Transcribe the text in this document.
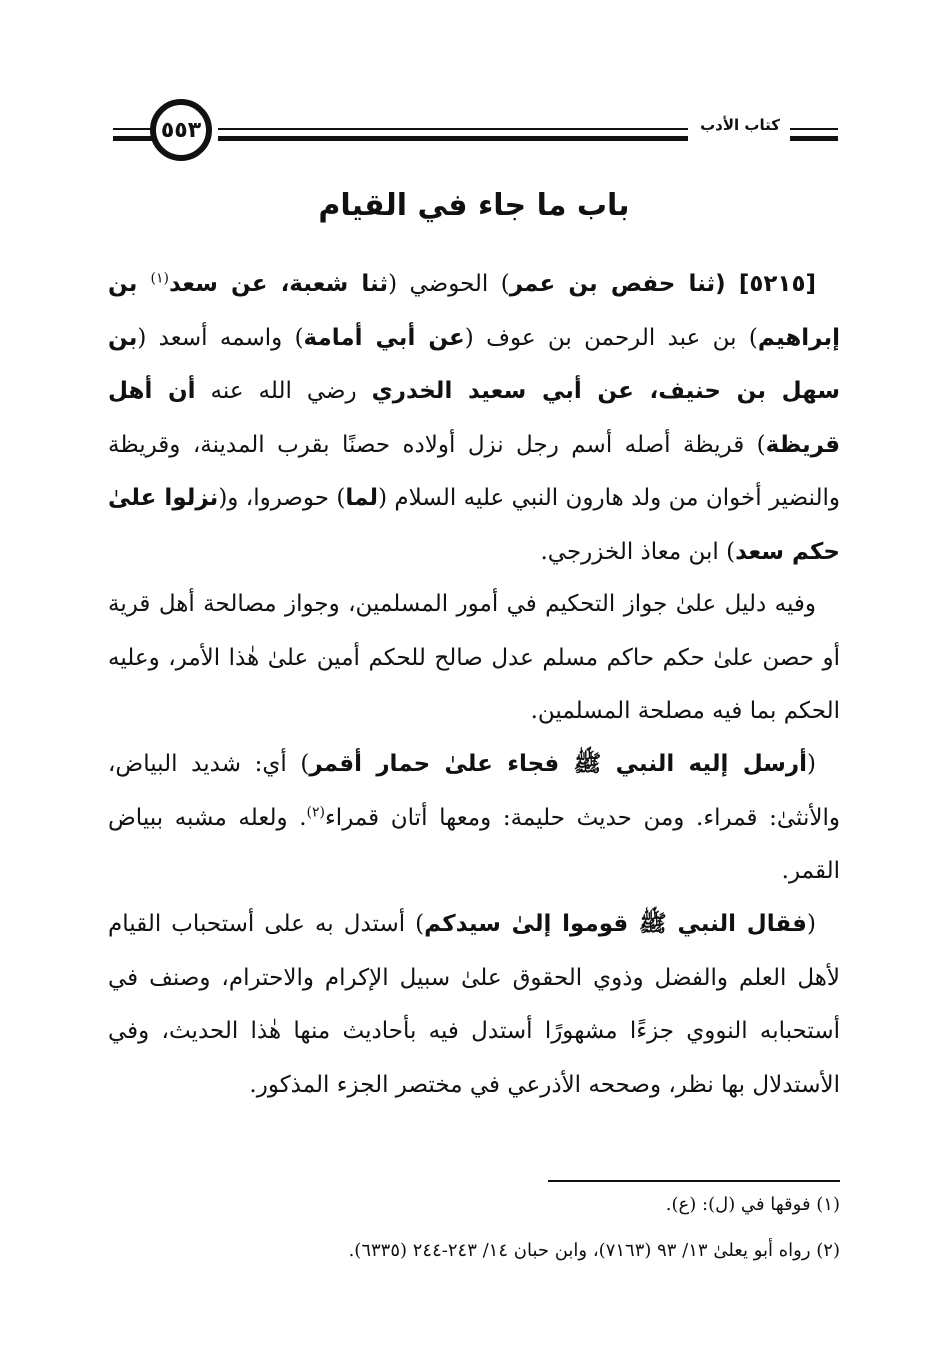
٥٥٣	كتاب الأدب
باب ما جاء في القيام
[٥٢١٥] (ثنا حفص بن عمر) الحوضي (ثنا شعبة، عن سعد$^{(١)}$ بن إبراهيم) بن عبد الرحمن بن عوف (عن أبي أمامة) واسمه أسعد (بن سهل بن حنيف، عن أبي سعيد الخدري رضي الله عنه أن أهل قريظة) قريظة أصله أسم رجل نزل أولاده حصنًا بقرب المدينة، وقريظة والنضير أخوان من ولد هارون النبي عليه السلام (لما) حوصروا، و(نزلوا علىٰ حكم سعد) ابن معاذ الخزرجي.
وفيه دليل علىٰ جواز التحكيم في أمور المسلمين، وجواز مصالحة أهل قرية أو حصن علىٰ حكم حاكم مسلم عدل صالح للحكم أمين علىٰ هٰذا الأمر، وعليه الحكم بما فيه مصلحة المسلمين.
(أرسل إليه النبي ﷺ فجاء علىٰ حمار أقمر) أي: شديد البياض، والأنثىٰ: قمراء. ومن حديث حليمة: ومعها أتان قمراء$^{(٢)}$. ولعله مشبه ببياض القمر.
(فقال النبي ﷺ قوموا إلىٰ سيدكم) أستدل به على أستحباب القيام لأهل العلم والفضل وذوي الحقوق علىٰ سبيل الإكرام والاحترام، وصنف في أستحبابه النووي جزءًا مشهورًا أستدل فيه بأحاديث منها هٰذا الحديث، وفي الأستدلال بها نظر، وصححه الأذرعي في مختصر الجزء المذكور.
(١) فوقها في (ل): (ع).
(٢) رواه أبو يعلىٰ ١٣/ ٩٣ (٧١٦٣)، وابن حبان ١٤/ ٢٤٣-٢٤٤ (٦٣٣٥).
